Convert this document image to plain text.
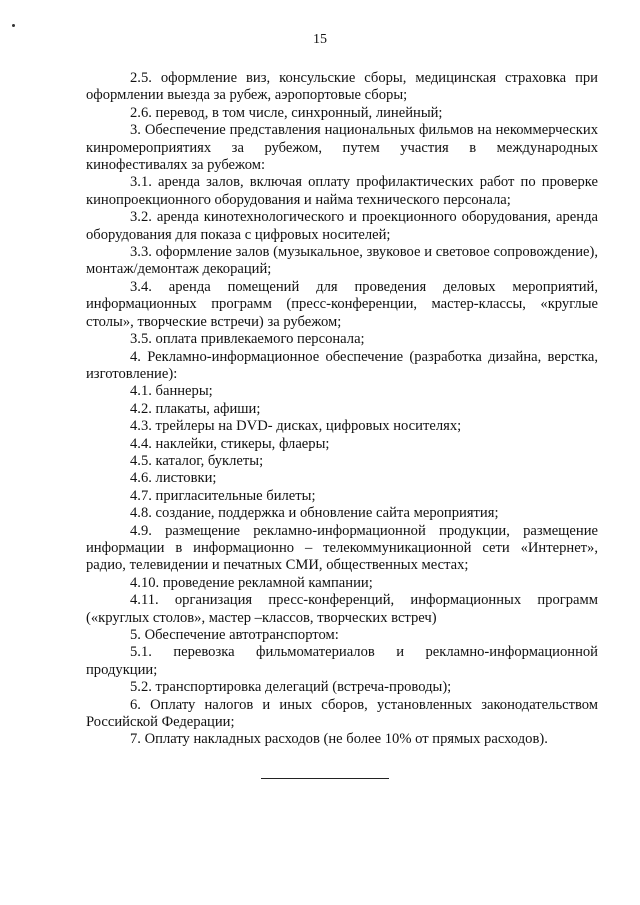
15

2.5. оформление виз, консульские сборы, медицинская страховка при оформлении выезда за рубеж, аэропортовые сборы;

2.6. перевод, в том числе, синхронный, линейный;

3. Обеспечение представления национальных фильмов на некоммерческих кинромероприятиях за рубежом, путем участия в международных кинофестивалях за рубежом:

3.1. аренда залов, включая оплату профилактических работ по проверке кинопроекционного оборудования и найма технического персонала;

3.2. аренда кинотехнологического и проекционного оборудования, аренда оборудования для показа с цифровых носителей;

3.3. оформление залов (музыкальное, звуковое и световое сопровождение), монтаж/демонтаж декораций;

3.4. аренда помещений для проведения деловых мероприятий, информационных программ (пресс-конференции, мастер-классы, «круглые столы», творческие встречи) за рубежом;

3.5. оплата привлекаемого персонала;

4. Рекламно-информационное обеспечение (разработка дизайна, верстка, изготовление):

4.1. баннеры;

4.2. плакаты, афиши;

4.3. трейлеры на DVD- дисках, цифровых носителях;

4.4. наклейки, стикеры, флаеры;

4.5. каталог, буклеты;

4.6. листовки;

4.7. пригласительные билеты;

4.8. создание, поддержка и обновление сайта мероприятия;

4.9. размещение рекламно-информационной продукции, размещение информации в информационно – телекоммуникационной сети «Интернет», радио, телевидении и печатных СМИ, общественных местах;

4.10. проведение рекламной кампании;

4.11. организация пресс-конференций, информационных программ («круглых столов», мастер –классов, творческих встреч)

5. Обеспечение автотранспортом:

5.1. перевозка фильмоматериалов и рекламно-информационной продукции;

5.2. транспортировка делегаций (встреча-проводы);

6. Оплату налогов и иных сборов, установленных законодательством Российской Федерации;

7. Оплату накладных расходов (не более 10% от прямых расходов).
